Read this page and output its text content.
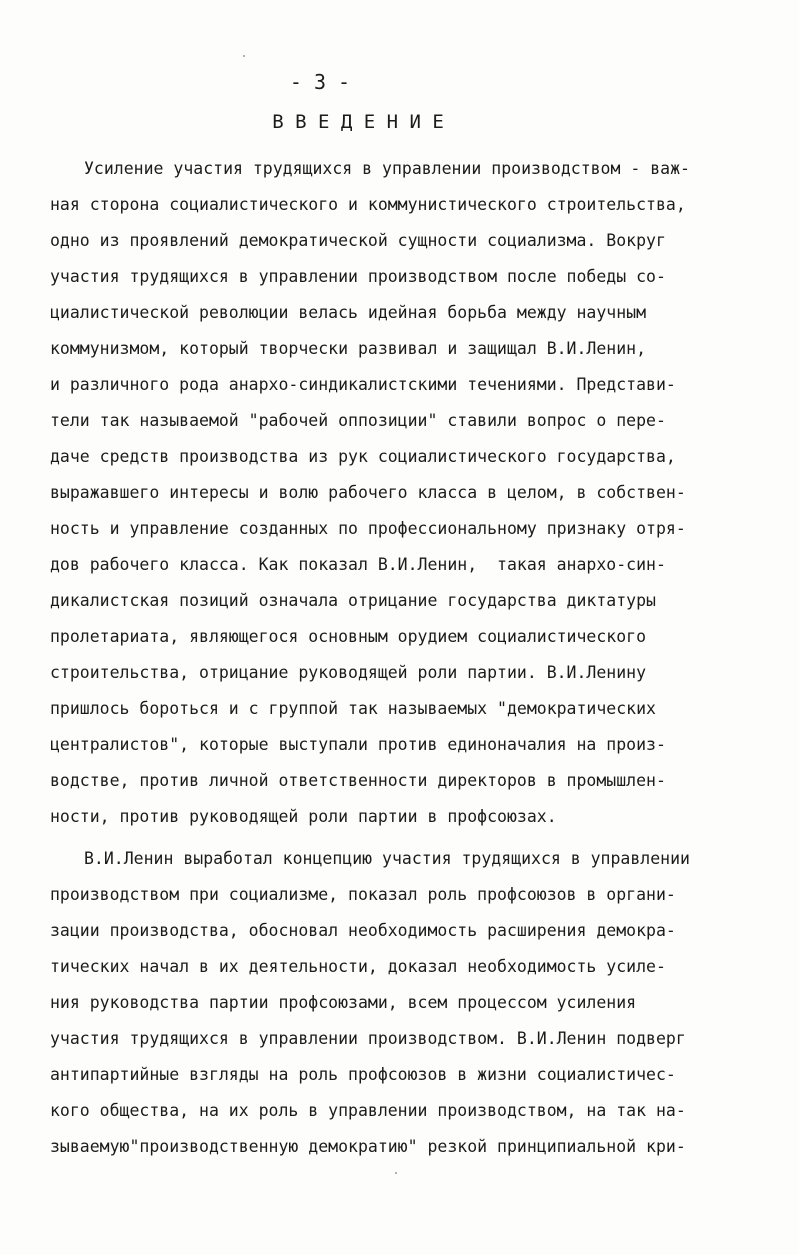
- 3 -
В В Е Д Е Н И Е
Усиление участия трудящихся в управлении производством - важ-
ная сторона социалистического и коммунистического строительства,
одно из проявлений демократической сущности социализма. Вокруг
участия трудящихся в управлении производством после победы со-
циалистической революции велась идейная борьба между научным
коммунизмом, который творчески развивал и защищал В.И.Ленин,
и различного рода анархо-синдикалистскими течениями. Представи-
тели так называемой "рабочей оппозиции" ставили вопрос о пере-
даче средств производства из рук социалистического государства,
выражавшего интересы и волю рабочего класса в целом, в собствен-
ность и управление созданных по профессиональному признаку отря-
дов рабочего класса. Как показал В.И.Ленин,  такая анархо-син-
дикалистская позиций означала отрицание государства диктатуры
пролетариата, являющегося основным орудием социалистического
строительства, отрицание руководящей роли партии. В.И.Ленину
пришлось бороться и с группой так называемых "демократических
централистов", которые выступали против единоначалия на произ-
водстве, против личной ответственности директоров в промышлен-
ности, против руководящей роли партии в профсоюзах.
В.И.Ленин выработал концепцию участия трудящихся в управлении
производством при социализме, показал роль профсоюзов в органи-
зации производства, обосновал необходимость расширения демокра-
тических начал в их деятельности, доказал необходимость усиле-
ния руководства партии профсоюзами, всем процессом усиления
участия трудящихся в управлении производством. В.И.Ленин подверг
антипартийные взгляды на роль профсоюзов в жизни социалистичес-
кого общества, на их роль в управлении производством, на так на-
зываемую"производственную демократию" резкой принципиальной кри-
